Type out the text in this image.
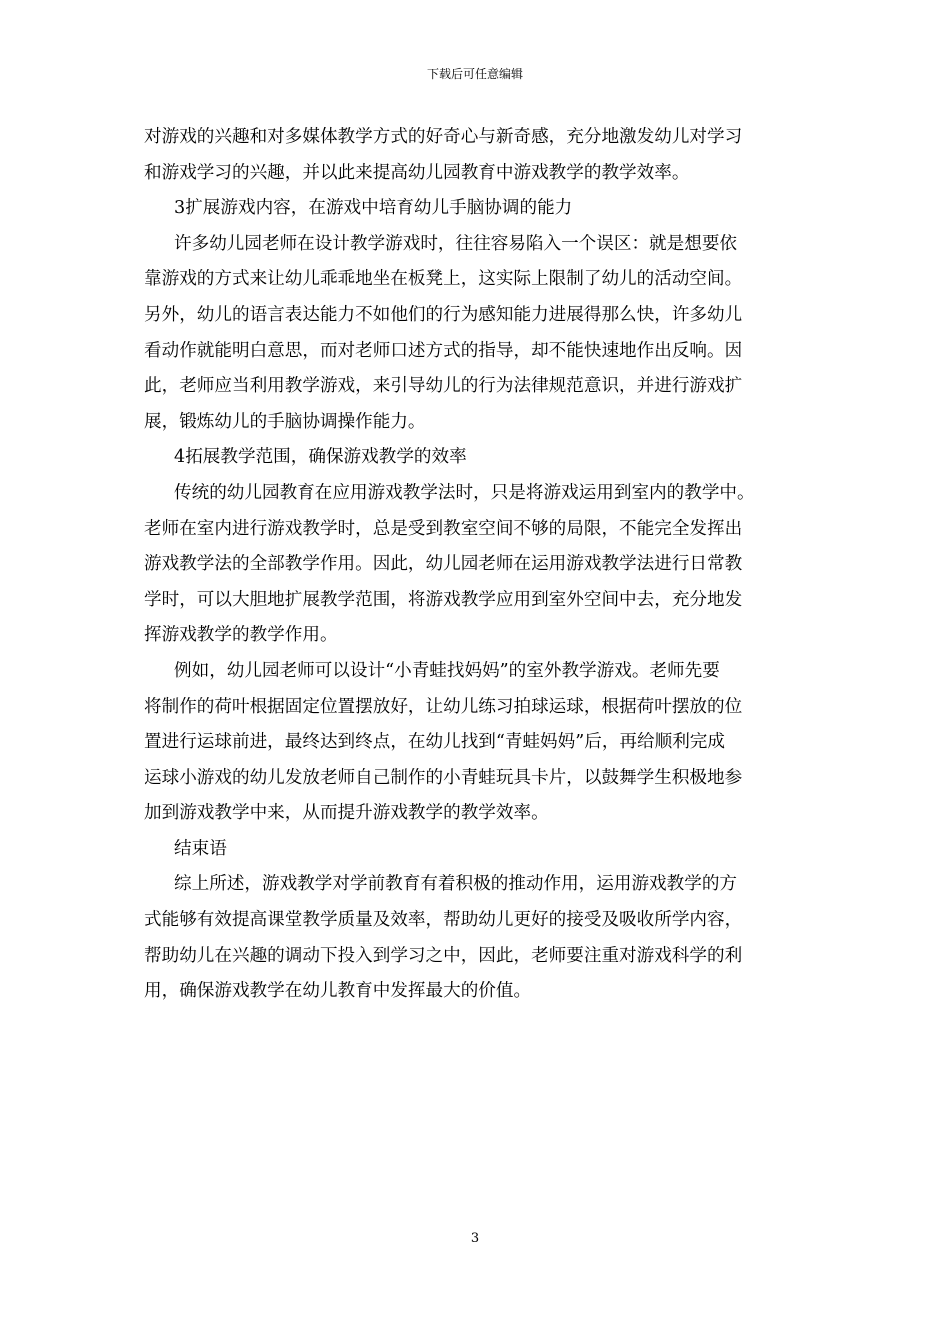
下载后可任意编辑
对游戏的兴趣和对多媒体教学方式的好奇心与新奇感，充分地激发幼儿对学习
和游戏学习的兴趣，并以此来提高幼儿园教育中游戏教学的教学效率。
3扩展游戏内容，在游戏中培育幼儿手脑协调的能力
许多幼儿园老师在设计教学游戏时，往往容易陷入一个误区：就是想要依
靠游戏的方式来让幼儿乖乖地坐在板凳上，这实际上限制了幼儿的活动空间。
另外，幼儿的语言表达能力不如他们的行为感知能力进展得那么快，许多幼儿
看动作就能明白意思，而对老师口述方式的指导，却不能快速地作出反响。因
此，老师应当利用教学游戏，来引导幼儿的行为法律规范意识，并进行游戏扩
展，锻炼幼儿的手脑协调操作能力。
4拓展教学范围，确保游戏教学的效率
传统的幼儿园教育在应用游戏教学法时，只是将游戏运用到室内的教学中。
老师在室内进行游戏教学时，总是受到教室空间不够的局限，不能完全发挥出
游戏教学法的全部教学作用。因此，幼儿园老师在运用游戏教学法进行日常教
学时，可以大胆地扩展教学范围，将游戏教学应用到室外空间中去，充分地发
挥游戏教学的教学作用。
例如，幼儿园老师可以设计“小青蛙找妈妈”的室外教学游戏。老师先要
将制作的荷叶根据固定位置摆放好，让幼儿练习拍球运球，根据荷叶摆放的位
置进行运球前进，最终达到终点，在幼儿找到“青蛙妈妈”后，再给顺利完成
运球小游戏的幼儿发放老师自己制作的小青蛙玩具卡片，以鼓舞学生积极地参
加到游戏教学中来，从而提升游戏教学的教学效率。
结束语
综上所述，游戏教学对学前教育有着积极的推动作用，运用游戏教学的方
式能够有效提高课堂教学质量及效率，帮助幼儿更好的接受及吸收所学内容，
帮助幼儿在兴趣的调动下投入到学习之中，因此，老师要注重对游戏科学的利
用，确保游戏教学在幼儿教育中发挥最大的价值。
3
